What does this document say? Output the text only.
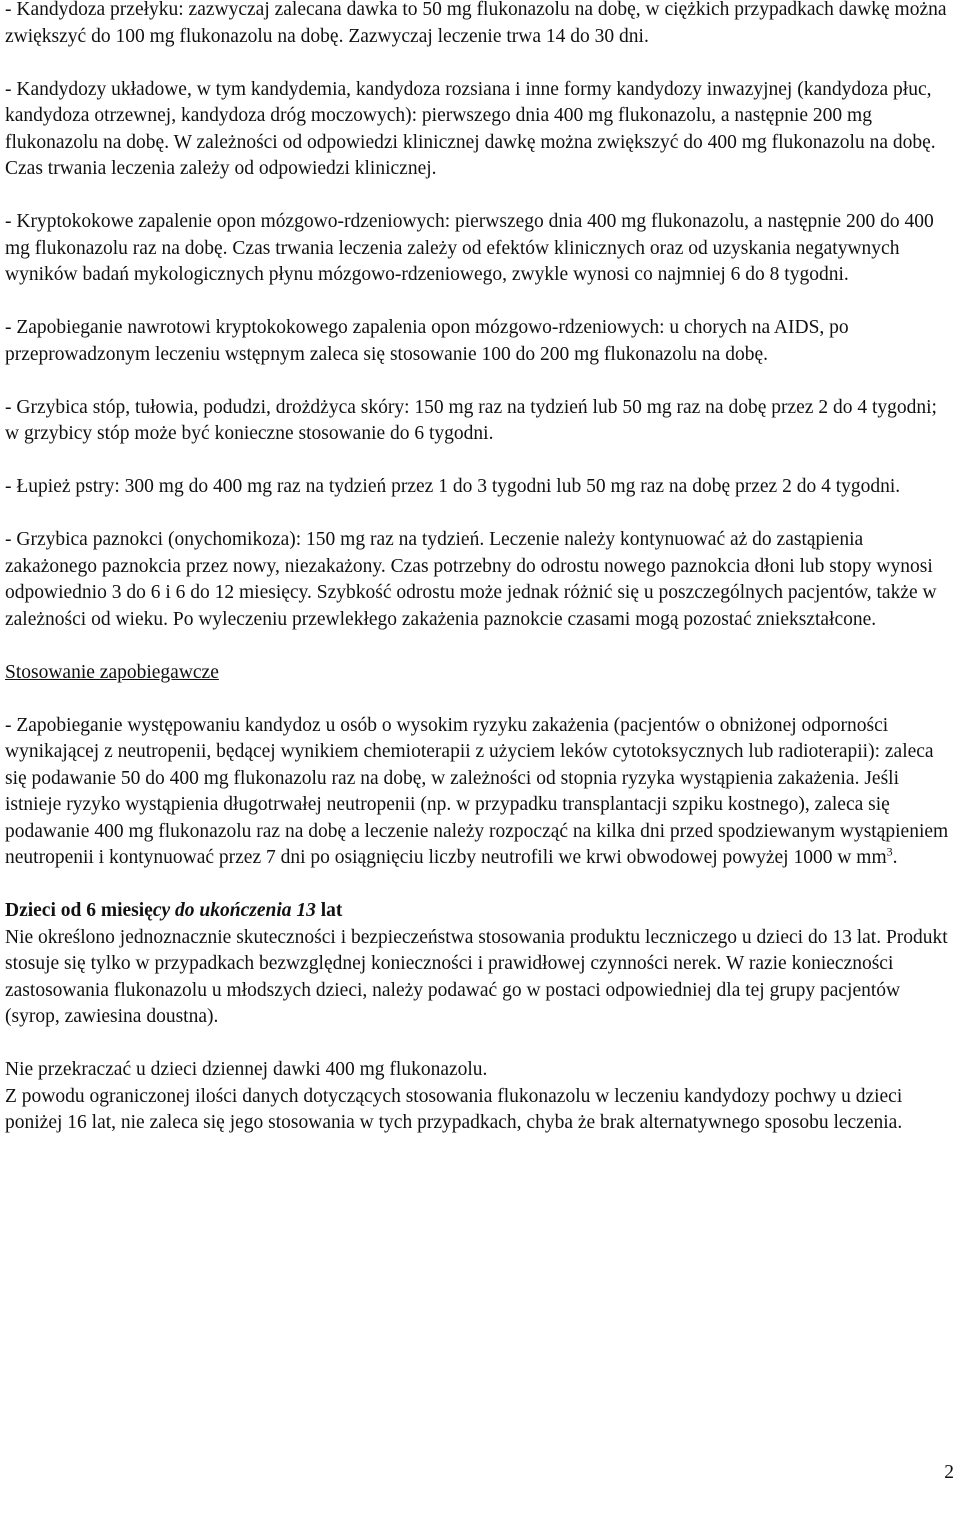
- Kandydoza przełyku: zazwyczaj zalecana dawka to 50 mg flukonazolu na dobę, w ciężkich przypadkach dawkę można zwiększyć do 100 mg flukonazolu na dobę. Zazwyczaj leczenie trwa 14 do 30 dni.

- Kandydozy układowe, w tym kandydemia, kandydoza rozsiana i inne formy kandydozy inwazyjnej (kandydoza płuc, kandydoza otrzewnej, kandydoza dróg moczowych): pierwszego dnia 400 mg flukonazolu, a następnie 200 mg flukonazolu na dobę. W zależności od odpowiedzi klinicznej dawkę można zwiększyć do 400 mg flukonazolu na dobę. Czas trwania leczenia zależy od odpowiedzi klinicznej.

- Kryptokokowe zapalenie opon mózgowo-rdzeniowych: pierwszego dnia 400 mg flukonazolu, a następnie 200 do 400 mg flukonazolu raz na dobę. Czas trwania leczenia zależy od efektów klinicznych oraz od uzyskania negatywnych wyników badań mykologicznych płynu mózgowo-rdzeniowego, zwykle wynosi co najmniej 6 do 8 tygodni.

- Zapobieganie nawrotowi kryptokokowego zapalenia opon mózgowo-rdzeniowych: u chorych na AIDS, po przeprowadzonym leczeniu wstępnym zaleca się stosowanie 100 do 200 mg flukonazolu na dobę.

- Grzybica stóp, tułowia, podudzi, drożdżyca skóry: 150 mg raz na tydzień lub 50 mg raz na dobę przez 2 do 4 tygodni; w grzybicy stóp może być konieczne stosowanie do 6 tygodni.

- Łupież pstry: 300 mg do 400 mg raz na tydzień przez 1 do 3 tygodni lub 50 mg raz na dobę przez 2 do 4 tygodni.

- Grzybica paznokci (onychomikoza): 150 mg raz na tydzień. Leczenie należy kontynuować aż do zastąpienia zakażonego paznokcia przez nowy, niezakażony. Czas potrzebny do odrostu nowego paznokcia dłoni lub stopy wynosi odpowiednio 3 do 6 i 6 do 12 miesięcy. Szybkość odrostu może jednak różnić się u poszczególnych pacjentów, także w zależności od wieku. Po wyleczeniu przewlekłego zakażenia paznokcie czasami mogą pozostać zniekształcone.

Stosowanie zapobiegawcze

- Zapobieganie występowaniu kandydoz u osób o wysokim ryzyku zakażenia (pacjentów o obniżonej odporności wynikającej z neutropenii, będącej wynikiem chemioterapii z użyciem leków cytotoksycznych lub radioterapii): zaleca się podawanie 50 do 400 mg flukonazolu raz na dobę, w zależności od stopnia ryzyka wystąpienia zakażenia. Jeśli istnieje ryzyko wystąpienia długotrwałej neutropenii (np. w przypadku transplantacji szpiku kostnego), zaleca się podawanie 400 mg flukonazolu raz na dobę a leczenie należy rozpocząć na kilka dni przed spodziewanym wystąpieniem neutropenii i kontynuować przez 7 dni po osiągnięciu liczby neutrofili we krwi obwodowej powyżej 1000 w $mm^3$.

Dzieci od 6 miesięcy do ukończenia 13 lat

Nie określono jednoznacznie skuteczności i bezpieczeństwa stosowania produktu leczniczego u dzieci do 13 lat. Produkt stosuje się tylko w przypadkach bezwzględnej konieczności i prawidłowej czynności nerek. W razie konieczności zastosowania flukonazolu u młodszych dzieci, należy podawać go w postaci odpowiedniej dla tej grupy pacjentów (syrop, zawiesina doustna).

Nie przekraczać u dzieci dziennej dawki 400 mg flukonazolu.

Z powodu ograniczonej ilości danych dotyczących stosowania flukonazolu w leczeniu kandydozy pochwy u dzieci poniżej 16 lat, nie zaleca się jego stosowania w tych przypadkach, chyba że brak alternatywnego sposobu leczenia.

2
